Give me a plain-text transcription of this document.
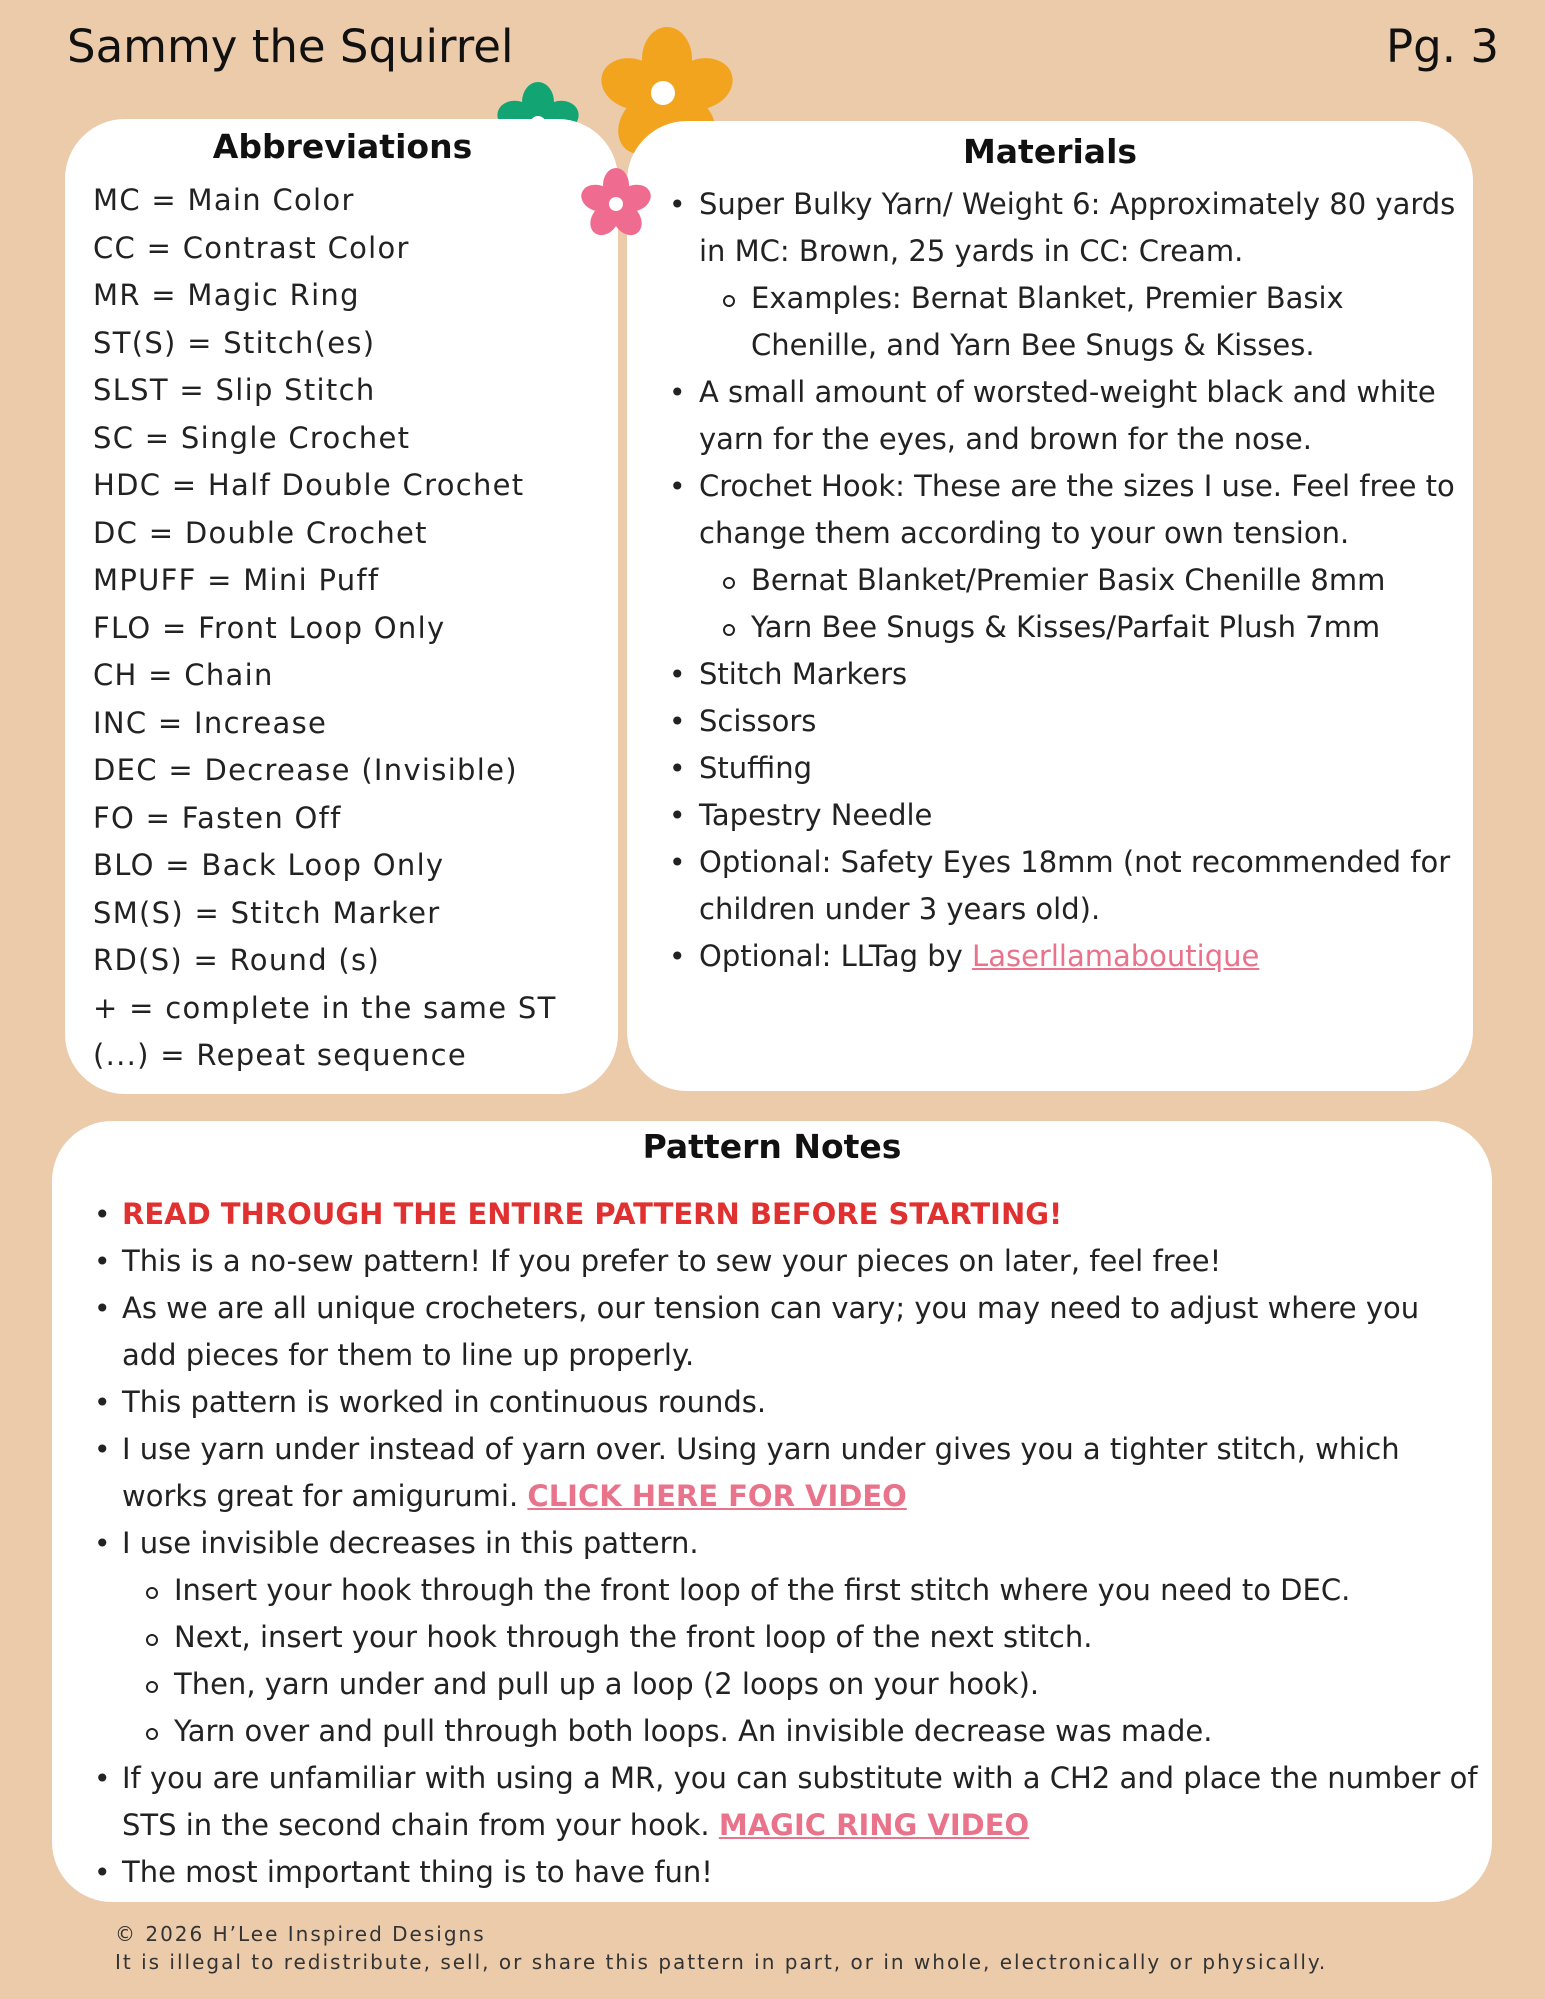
Sammy the Squirrel	Pg. 3
Abbreviations
MC = Main Color
CC = Contrast Color
MR = Magic Ring
ST(S) = Stitch(es)
SLST = Slip Stitch
SC = Single Crochet
HDC = Half Double Crochet
DC = Double Crochet
MPUFF = Mini Puff
FLO = Front Loop Only
CH = Chain
INC = Increase
DEC = Decrease (Invisible)
FO = Fasten Off
BLO = Back Loop Only
SM(S) = Stitch Marker
RD(S) = Round (s)
+ = complete in the same ST
(...) = Repeat sequence
Materials
• Super Bulky Yarn/ Weight 6: Approximately 80 yards in MC: Brown, 25 yards in CC: Cream.
Examples: Bernat Blanket, Premier Basix Chenille, and Yarn Bee Snugs & Kisses.
• A small amount of worsted-weight black and white yarn for the eyes, and brown for the nose.
• Crochet Hook: These are the sizes I use. Feel free to change them according to your own tension.
Bernat Blanket/Premier Basix Chenille 8mm
Yarn Bee Snugs & Kisses/Parfait Plush 7mm
• Stitch Markers
• Scissors
• Stuffing
• Tapestry Needle
• Optional: Safety Eyes 18mm (not recommended for children under 3 years old).
• Optional: LLTag by Laserllamaboutique
Pattern Notes
• READ THROUGH THE ENTIRE PATTERN BEFORE STARTING!
• This is a no-sew pattern! If you prefer to sew your pieces on later, feel free!
• As we are all unique crocheters, our tension can vary; you may need to adjust where you add pieces for them to line up properly.
• This pattern is worked in continuous rounds.
• I use yarn under instead of yarn over. Using yarn under gives you a tighter stitch, which works great for amigurumi. CLICK HERE FOR VIDEO
• I use invisible decreases in this pattern.
Insert your hook through the front loop of the first stitch where you need to DEC.
Next, insert your hook through the front loop of the next stitch.
Then, yarn under and pull up a loop (2 loops on your hook).
Yarn over and pull through both loops. An invisible decrease was made.
• If you are unfamiliar with using a MR, you can substitute with a CH2 and place the number of STS in the second chain from your hook. MAGIC RING VIDEO
• The most important thing is to have fun!
© 2026 H’Lee Inspired Designs
It is illegal to redistribute, sell, or share this pattern in part, or in whole, electronically or physically.
